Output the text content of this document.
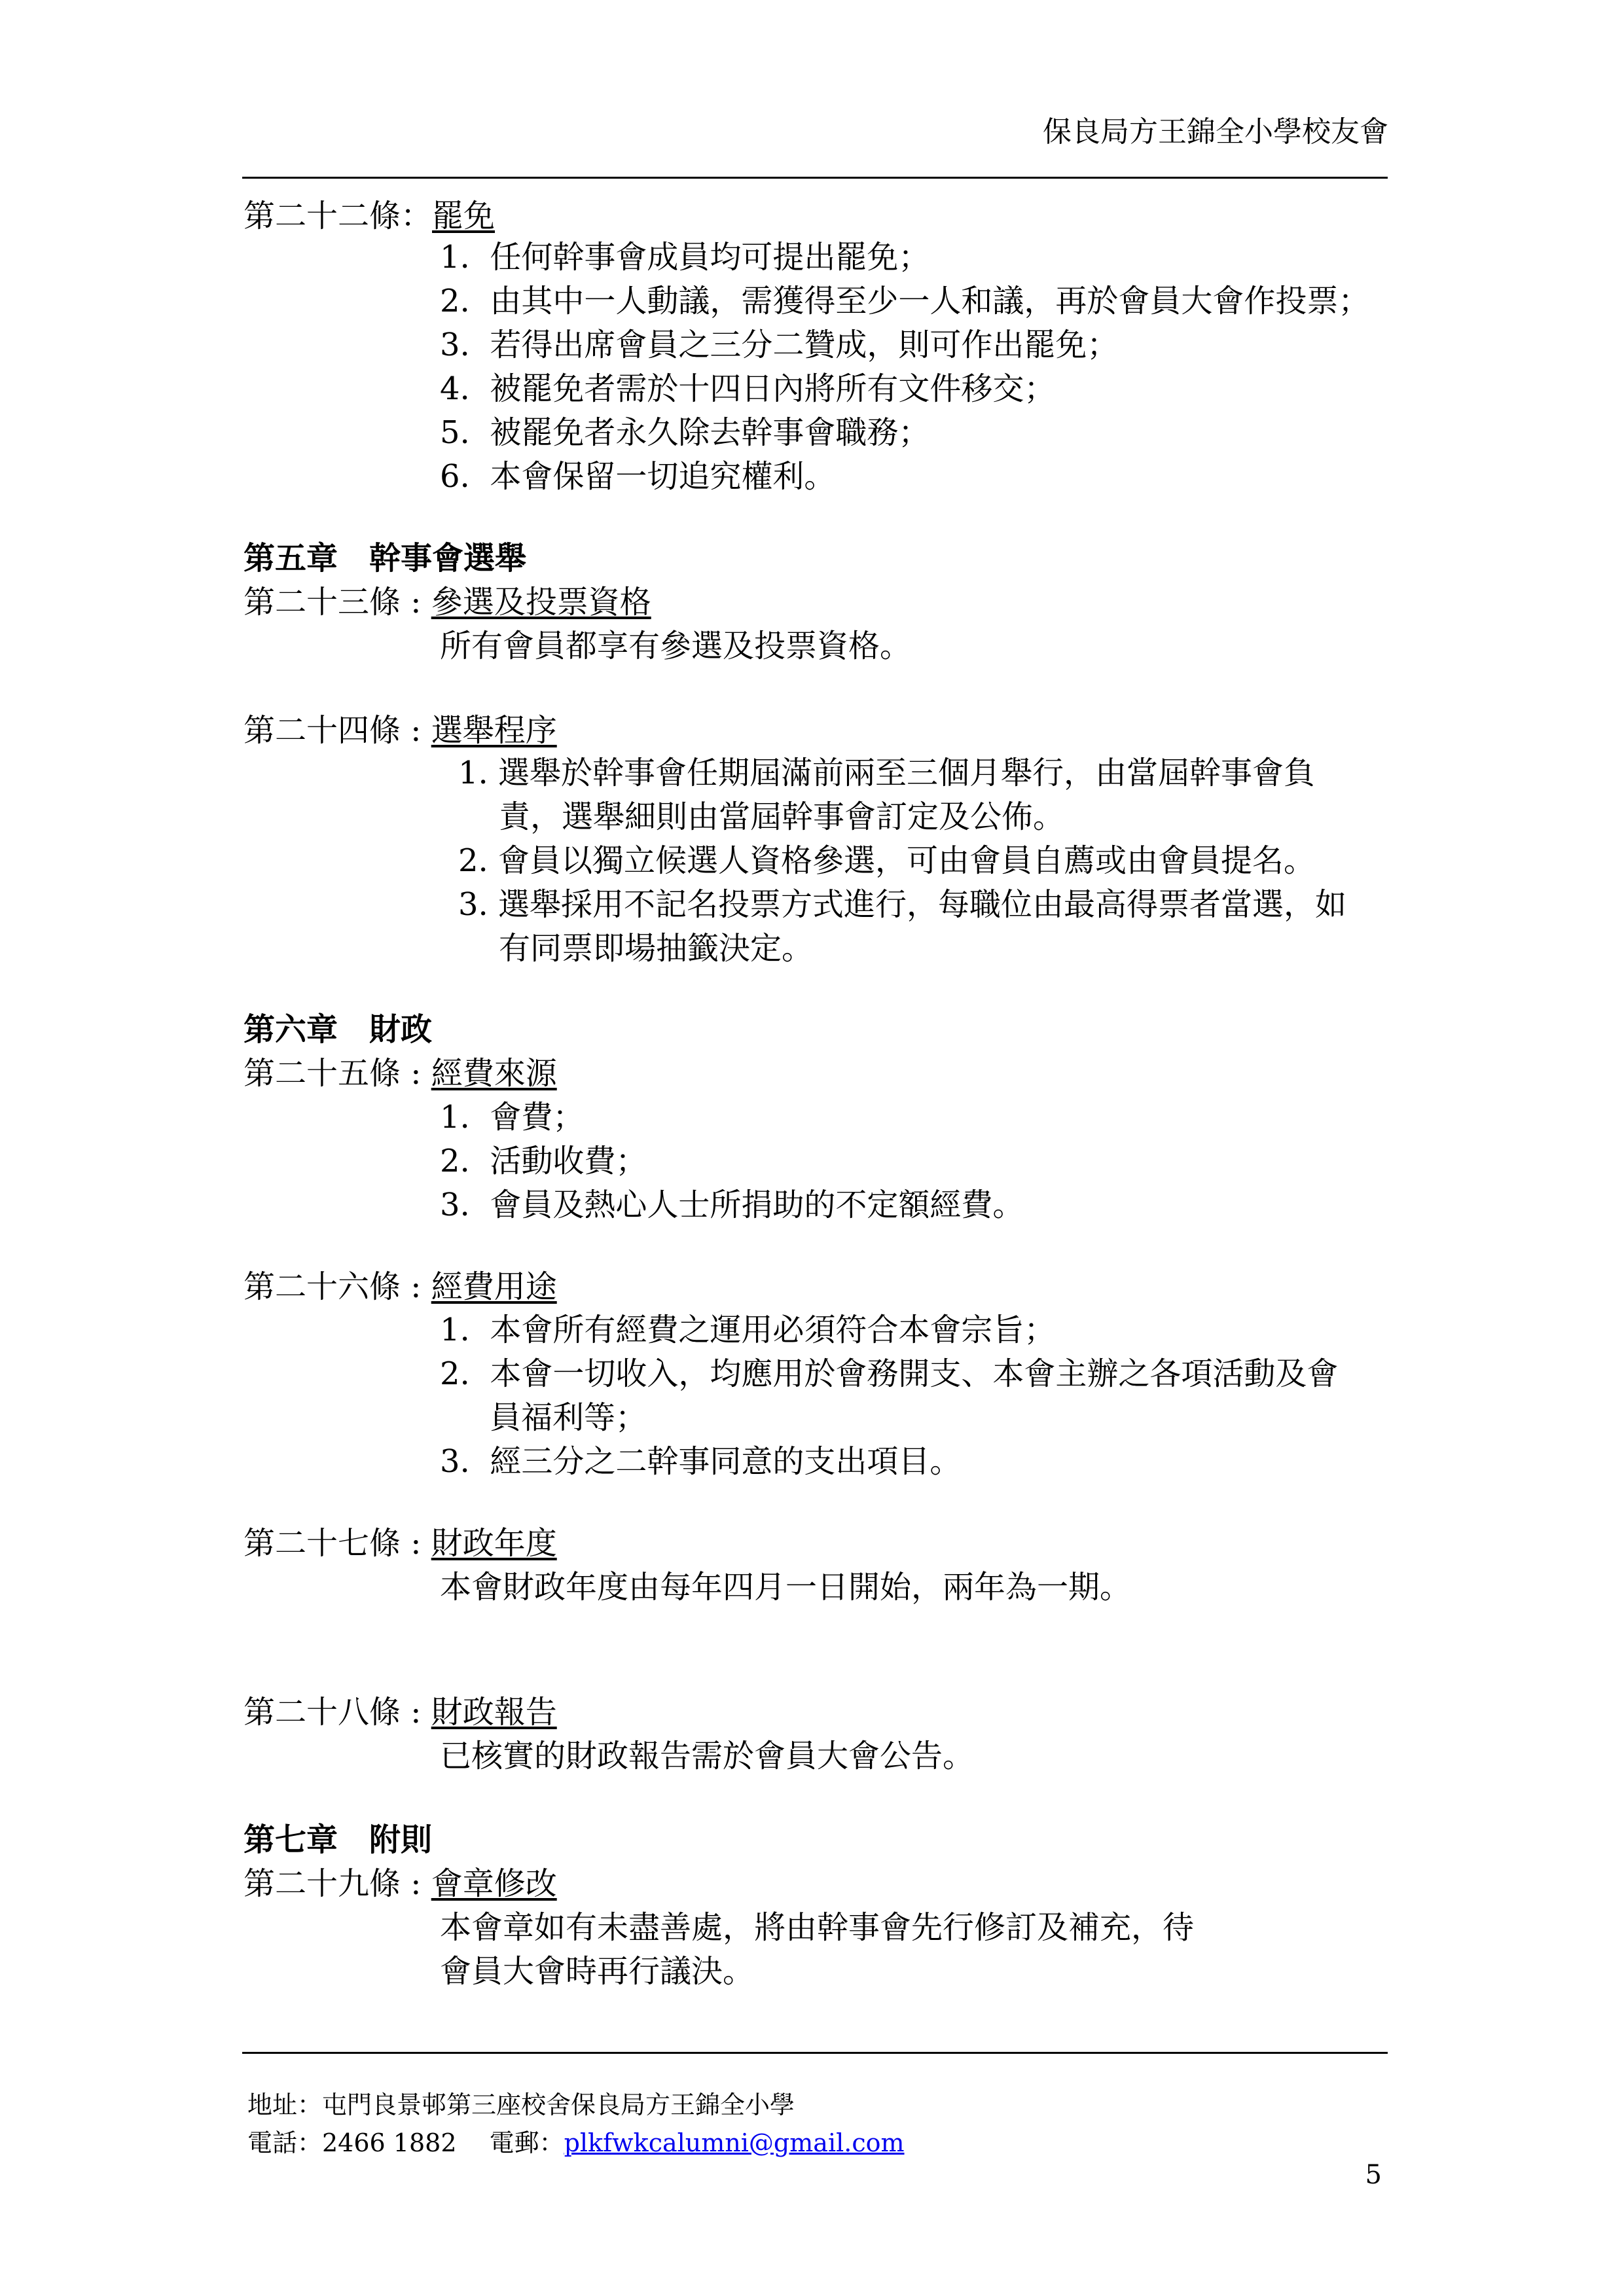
保良局方王錦全小學校友會
第二十二條：罷免
1.  任何幹事會成員均可提出罷免；
2.  由其中一人動議，需獲得至少一人和議，再於會員大會作投票；
3.  若得出席會員之三分二贊成，則可作出罷免；
4.  被罷免者需於十四日內將所有文件移交；
5.  被罷免者永久除去幹事會職務；
6.  本會保留一切追究權利。
第五章　幹事會選舉
第二十三條 : 參選及投票資格
所有會員都享有參選及投票資格。
第二十四條 : 選舉程序
1. 選舉於幹事會任期屆滿前兩至三個月舉行，由當屆幹事會負
責，選舉細則由當屆幹事會訂定及公佈。
2. 會員以獨立候選人資格參選，可由會員自薦或由會員提名。
3. 選舉採用不記名投票方式進行，每職位由最高得票者當選，如
有同票即場抽籤決定。
第六章　財政
第二十五條 : 經費來源
1.  會費；
2.  活動收費；
3.  會員及熱心人士所捐助的不定額經費。
第二十六條 : 經費用途
1.  本會所有經費之運用必須符合本會宗旨；
2.  本會一切收入，均應用於會務開支、本會主辦之各項活動及會
員福利等；
3.  經三分之二幹事同意的支出項目。
第二十七條 : 財政年度
本會財政年度由每年四月一日開始，兩年為一期。
第二十八條 : 財政報告
已核實的財政報告需於會員大會公告。
第七章　附則
第二十九條 : 會章修改
本會章如有未盡善處，將由幹事會先行修訂及補充，待
會員大會時再行議決。
地址：屯門良景邨第三座校舍保良局方王錦全小學
電話：2466 1882　 電郵：plkfwkcalumni@gmail.com
5
